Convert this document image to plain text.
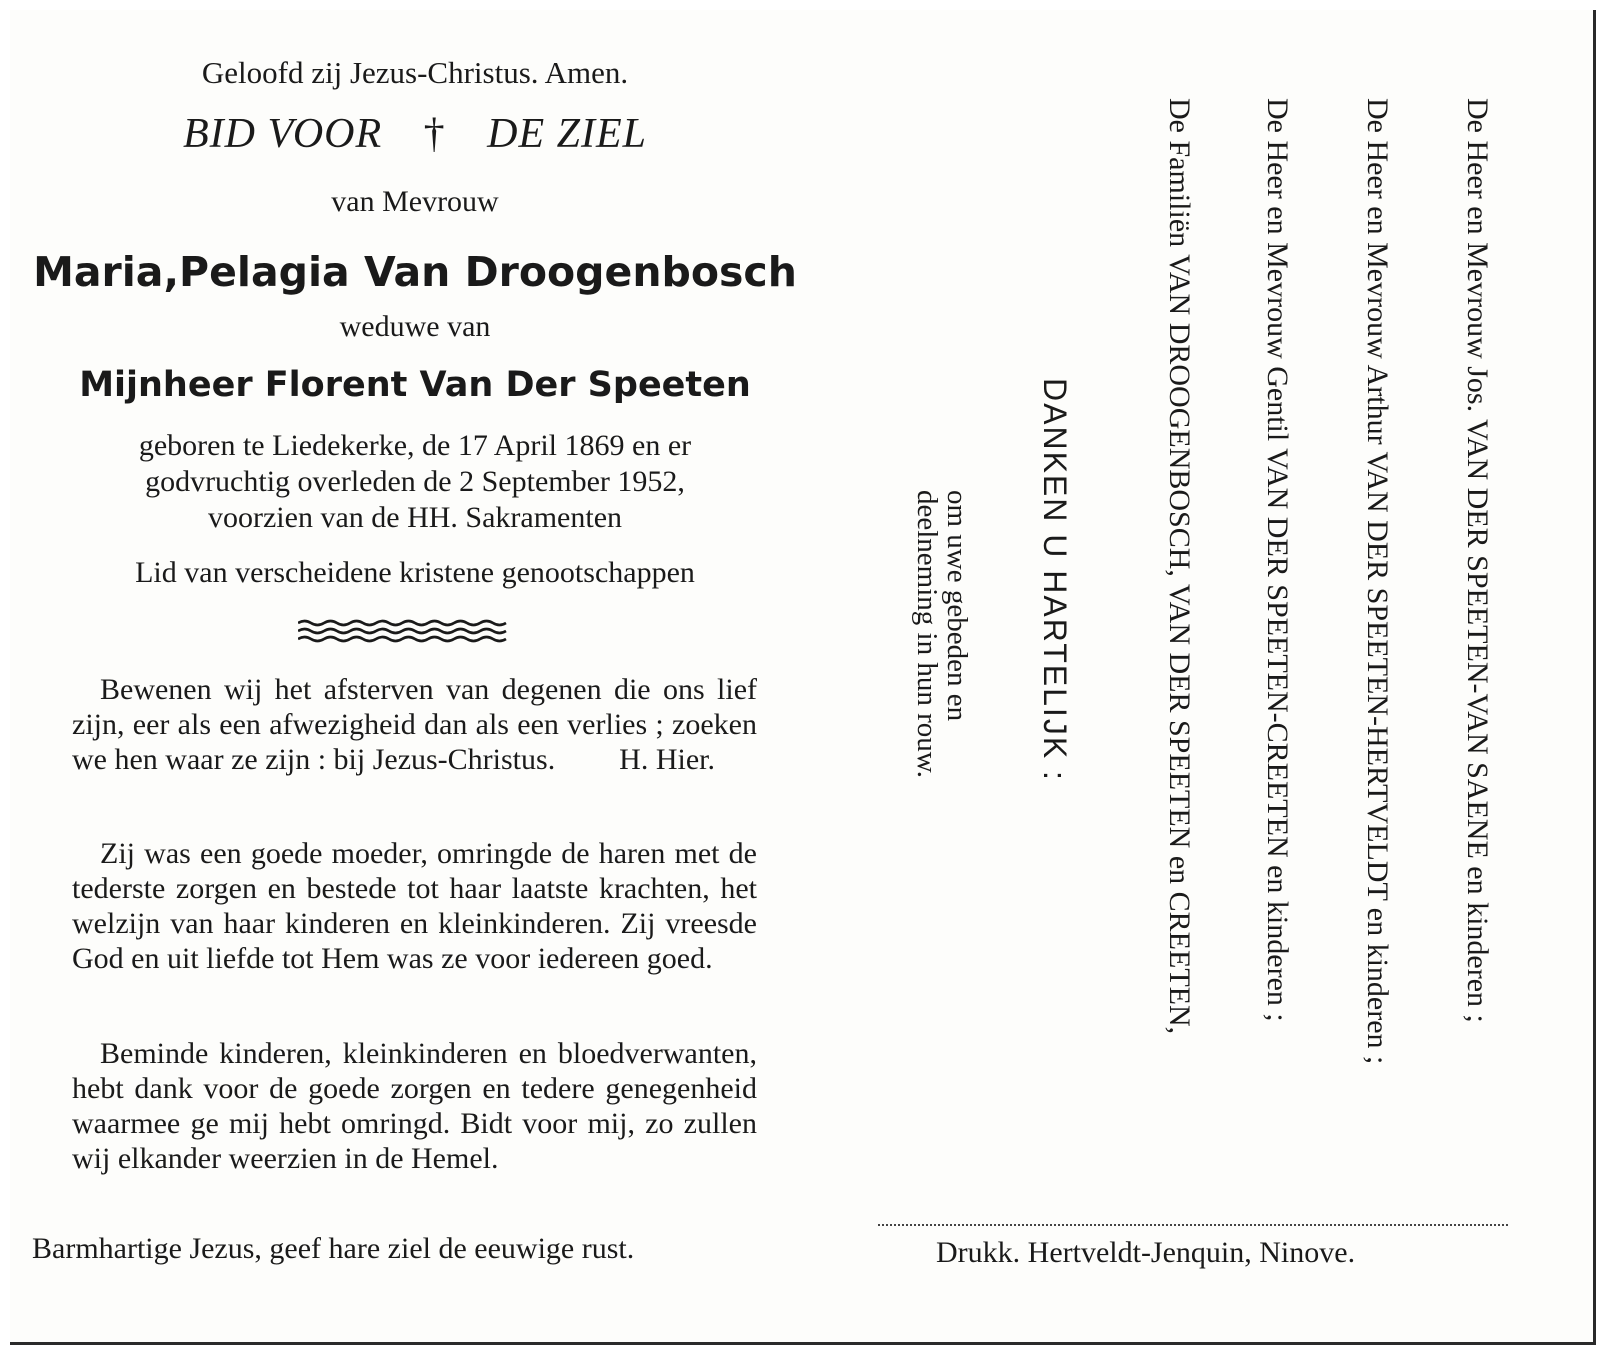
Geloofd zij Jezus-Christus. Amen.
BID VOOR † DE ZIEL
van Mevrouw
Maria,Pelagia Van Droogenbosch
weduwe van
Mijnheer Florent Van Der Speeten
geboren te Liedekerke, de 17 April 1869 en er
godvruchtig overleden de 2 September 1952,
voorzien van de HH. Sakramenten
Lid van verscheidene kristene genootschappen
Bewenen wij het afsterven van degenen die ons lief zijn, eer als een afwezigheid dan als een verlies ; zoeken we hen waar ze zijn : bij Jezus-Christus. H. Hier.
Zij was een goede moeder, omringde de haren met de tederste zorgen en bestede tot haar laatste krachten, het welzijn van haar kinderen en kleinkinderen. Zij vreesde God en uit liefde tot Hem was ze voor iedereen goed.
Beminde kinderen, kleinkinderen en bloedverwanten, hebt dank voor de goede zorgen en tedere genegenheid waarmee ge mij hebt omringd. Bidt voor mij, zo zullen wij elkander weerzien in de Hemel.
Barmhartige Jezus, geef hare ziel de eeuwige rust.
De Heer en Mevrouw Jos. VAN DER SPEETEN-VAN SAENE en kinderen ;
De Heer en Mevrouw Arthur VAN DER SPEETEN-HERTVELDT en kinderen ;
De Heer en Mevrouw Gentil VAN DER SPEETEN-CREETEN en kinderen ;
De Familiën VAN DROOGENBOSCH, VAN DER SPEETEN en CREETEN,
DANKEN U HARTELIJK :
om uwe gebeden en deelneming in hun rouw.
Drukk. Hertveldt-Jenquin, Ninove.
